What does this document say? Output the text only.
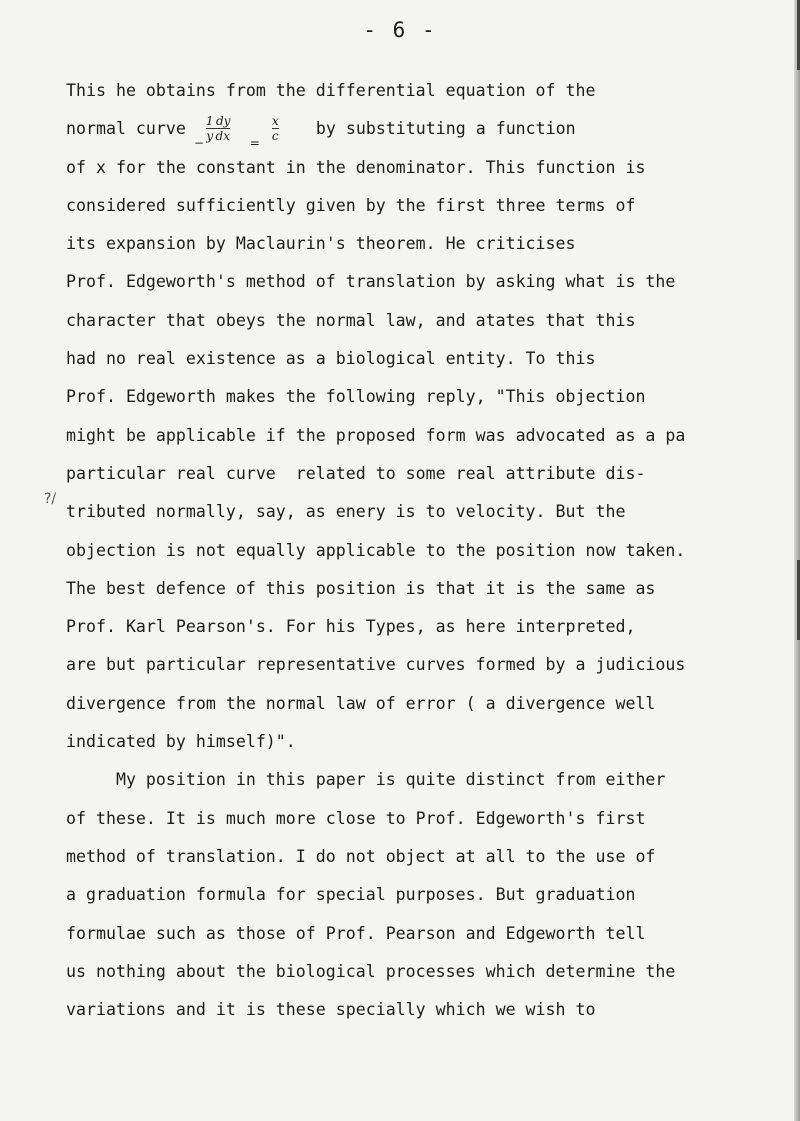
- 6 -
?/
This he obtains from the differential equation of the
normal curve

−

1  dy
y  dx

=

x
c by substituting a function
of x for the constant in the denominator. This function is
considered sufficiently given by the first three terms of
its expansion by Maclaurin's theorem. He criticises
Prof. Edgeworth's method of translation by asking what is the
character that obeys the normal law, and atates that this
had no real existence as a biological entity. To this
Prof. Edgeworth makes the following reply, "This objection
might be applicable if the proposed form was advocated as a pa
particular real curve  related to some real attribute dis-
tributed normally, say, as enery is to velocity. But the
objection is not equally applicable to the position now taken.
The best defence of this position is that it is the same as
Prof. Karl Pearson's. For his Types, as here interpreted,
are but particular representative curves formed by a judicious
divergence from the normal law of error ( a divergence well
indicated by himself)".
My position in this paper is quite distinct from either
of these. It is much more close to Prof. Edgeworth's first
method of translation. I do not object at all to the use of
a graduation formula for special purposes. But graduation
formulae such as those of Prof. Pearson and Edgeworth tell
us nothing about the biological processes which determine the
variations and it is these specially which we wish to
